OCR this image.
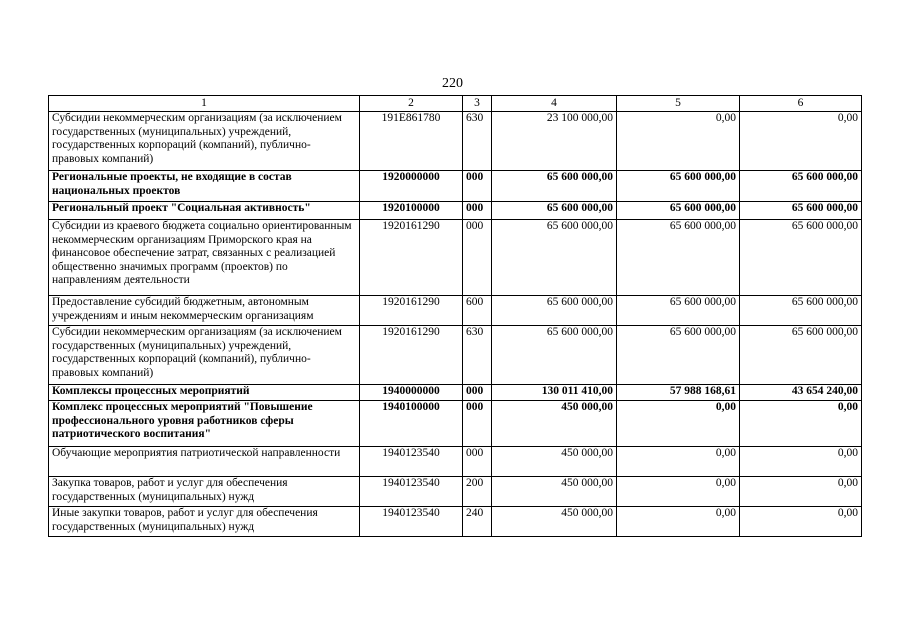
220
1	2	3	4	5	6
Субсидии некоммерческим организациям (за исключением государственных (муниципальных) учреждений, государственных корпораций (компаний), публично-правовых компаний)	191E861780	630	23 100 000,00	0,00	0,00
Региональные проекты, не входящие в состав национальных проектов	1920000000	000	65 600 000,00	65 600 000,00	65 600 000,00
Региональный проект "Социальная активность"	1920100000	000	65 600 000,00	65 600 000,00	65 600 000,00
Субсидии из краевого бюджета социально ориентированным некоммерческим организациям Приморского края на финансовое обеспечение затрат, связанных с реализацией общественно значимых программ (проектов) по направлениям деятельности	1920161290	000	65 600 000,00	65 600 000,00	65 600 000,00
Предоставление субсидий бюджетным, автономным учреждениям и иным некоммерческим организациям	1920161290	600	65 600 000,00	65 600 000,00	65 600 000,00
Субсидии некоммерческим организациям (за исключением государственных (муниципальных) учреждений, государственных корпораций (компаний), публично-правовых компаний)	1920161290	630	65 600 000,00	65 600 000,00	65 600 000,00
Комплексы процессных мероприятий	1940000000	000	130 011 410,00	57 988 168,61	43 654 240,00
Комплекс процессных мероприятий "Повышение профессионального уровня работников сферы патриотического воспитания"	1940100000	000	450 000,00	0,00	0,00
Обучающие мероприятия патриотической направленности	1940123540	000	450 000,00	0,00	0,00
Закупка товаров, работ и услуг для обеспечения государственных (муниципальных) нужд	1940123540	200	450 000,00	0,00	0,00
Иные закупки товаров, работ и услуг для обеспечения государственных (муниципальных) нужд	1940123540	240	450 000,00	0,00	0,00
